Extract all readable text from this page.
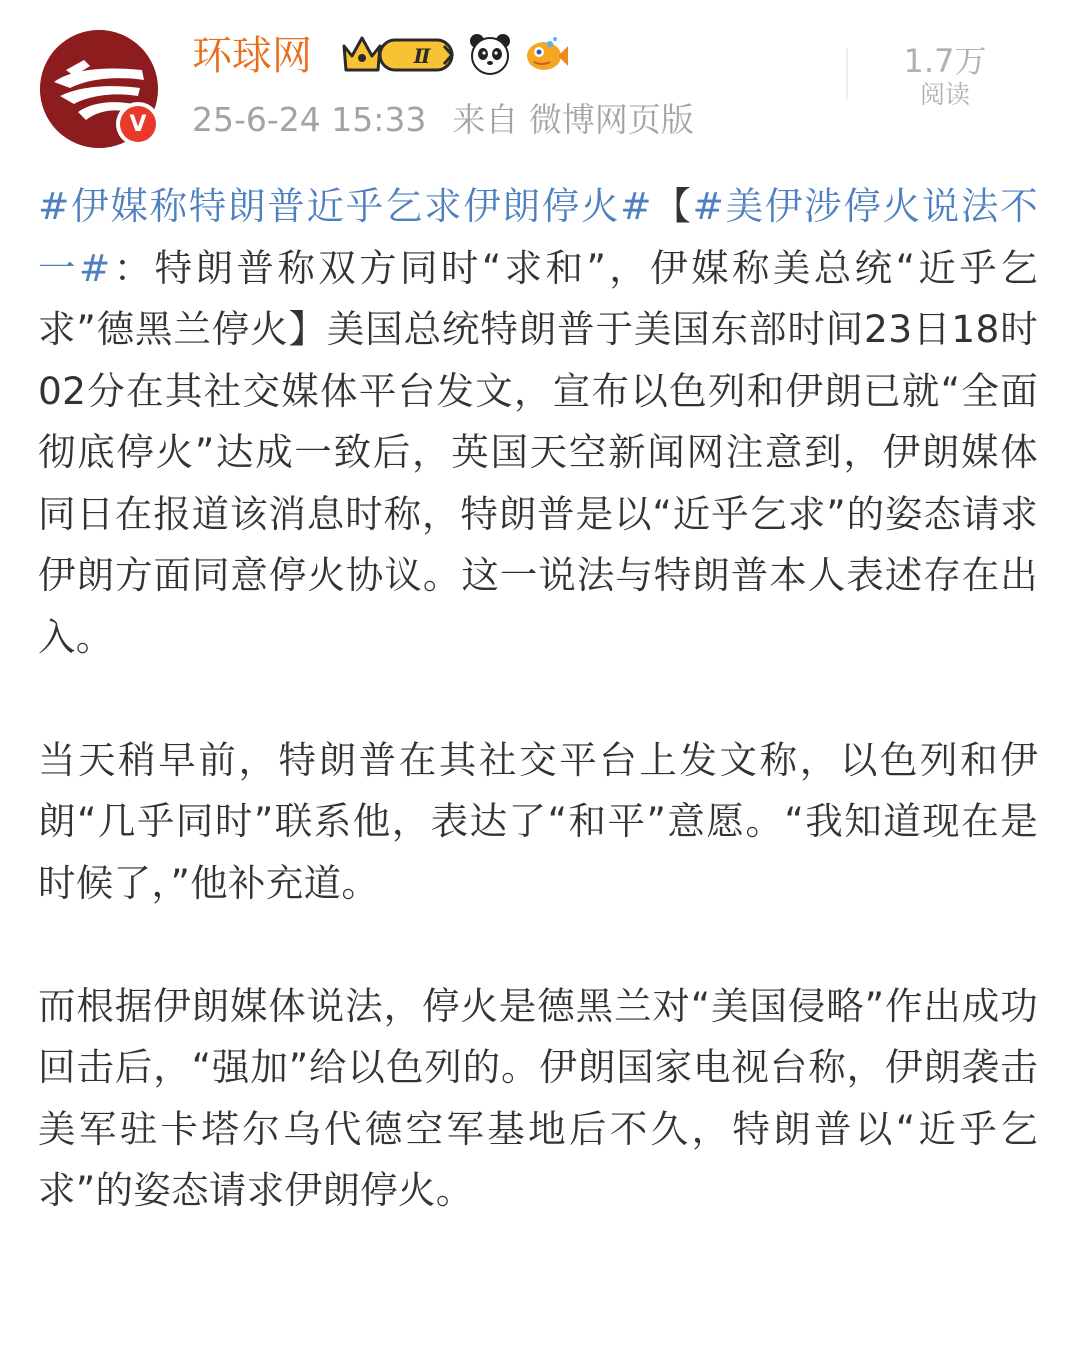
V
环球网	Ⅱ
25-6-24 15:33 来自 微博网页版
1.7万
阅读

#伊媒称特朗普近乎乞求伊朗停火#【#美伊涉停火说法不一#：特朗普称双方同时“求和”，伊媒称美总统“近乎乞求”德黑兰停火】美国总统特朗普于美国东部时间23日18时02分在其社交媒体平台发文，宣布以色列和伊朗已就“全面彻底停火”达成一致后，英国天空新闻网注意到，伊朗媒体同日在报道该消息时称，特朗普是以“近乎乞求”的姿态请求伊朗方面同意停火协议。这一说法与特朗普本人表述存在出入。

当天稍早前，特朗普在其社交平台上发文称，以色列和伊朗“几乎同时”联系他，表达了“和平”意愿。“我知道现在是时候了，”他补充道。

而根据伊朗媒体说法，停火是德黑兰对“美国侵略”作出成功回击后，“强加”给以色列的。伊朗国家电视台称，伊朗袭击美军驻卡塔尔乌代德空军基地后不久，特朗普以“近乎乞求”的姿态请求伊朗停火。
